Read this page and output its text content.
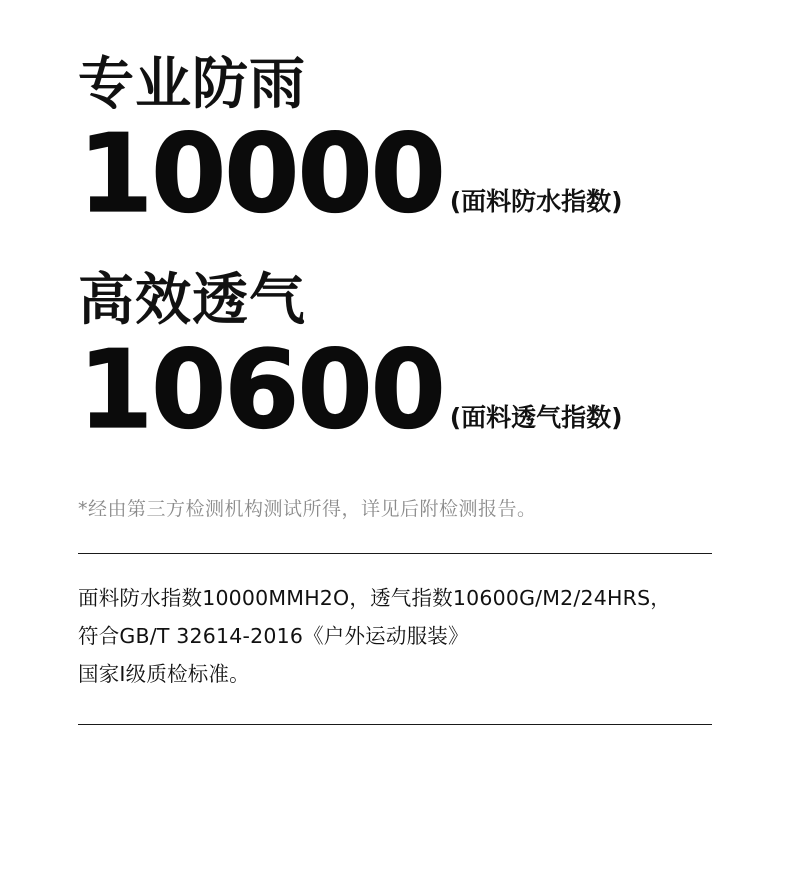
专业防雨
10000 (面料防水指数)
高效透气
10600 (面料透气指数)
*经由第三方检测机构测试所得，详见后附检测报告。

面料防水指数10000MMH2O，透气指数10600G/M2/24HRS，

符合GB/T 32614-2016《户外运动服装》

国家Ⅰ级质检标准。
